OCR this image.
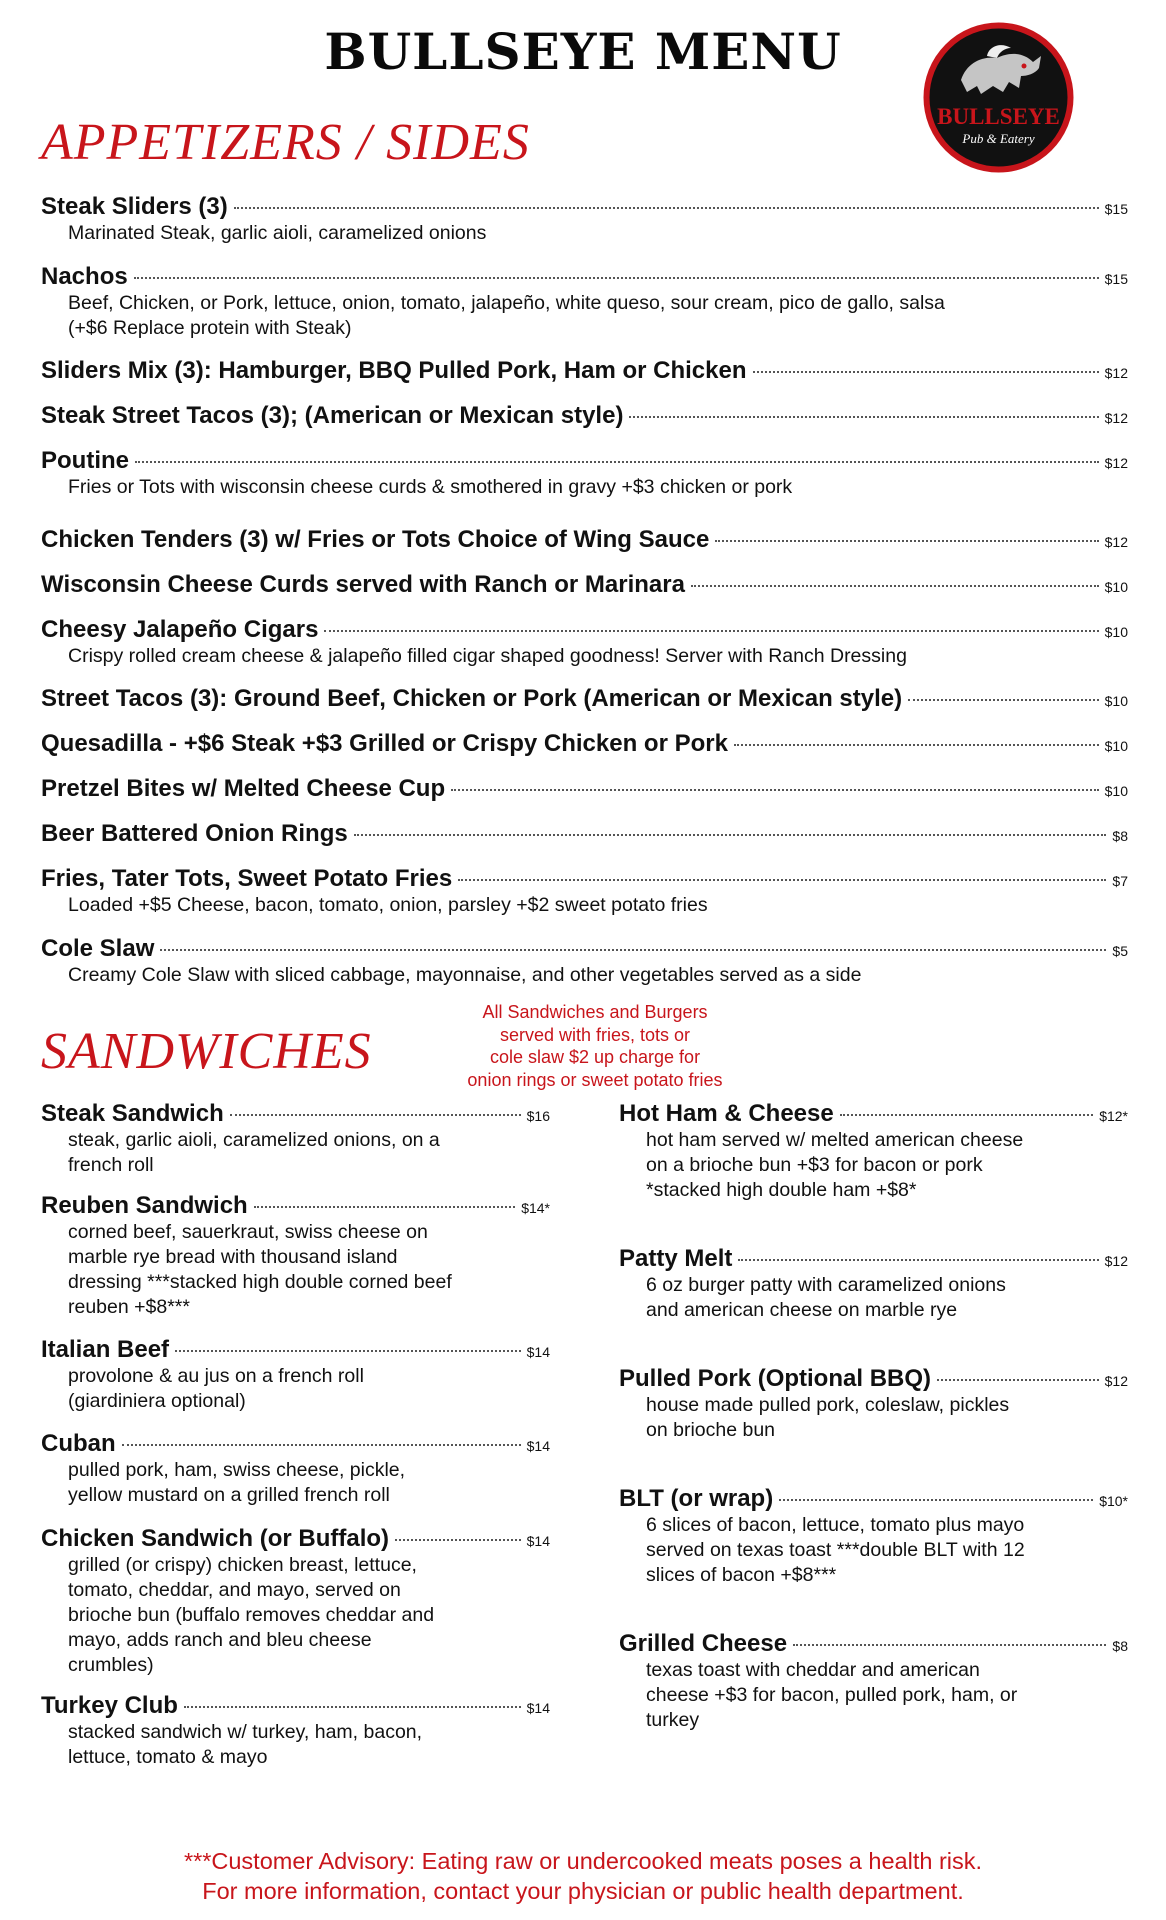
BULLSEYE MENU
BULLSEYE
Pub & Eatery
APPETIZERS / SIDES
Steak Sliders (3)	$15
Marinated Steak, garlic aioli, caramelized onions
Nachos	$15
Beef, Chicken, or Pork, lettuce, onion, tomato, jalapeño, white queso, sour cream, pico de gallo, salsa
(+$6 Replace protein with Steak)
Sliders Mix (3): Hamburger, BBQ Pulled Pork, Ham or Chicken	$12
Steak Street Tacos (3); (American or Mexican style)	$12
Poutine	$12
Fries or Tots with wisconsin cheese curds & smothered in gravy +$3 chicken or pork
Chicken Tenders (3) w/ Fries or Tots Choice of Wing Sauce	$12
Wisconsin Cheese Curds served with Ranch or Marinara	$10
Cheesy Jalapeño Cigars	$10
Crispy rolled cream cheese & jalapeño filled cigar shaped goodness! Server with Ranch Dressing
Street Tacos (3): Ground Beef, Chicken or Pork (American or Mexican style)	$10
Quesadilla - +$6 Steak +$3 Grilled or Crispy Chicken or Pork	$10
Pretzel Bites w/ Melted Cheese Cup	$10
Beer Battered Onion Rings	$8
Fries, Tater Tots, Sweet Potato Fries	$7
Loaded +$5 Cheese, bacon, tomato, onion, parsley +$2 sweet potato fries
Cole Slaw	$5
Creamy Cole Slaw with sliced cabbage, mayonnaise, and other vegetables served as a side
SANDWICHES
All Sandwiches and Burgers
served with fries, tots or
cole slaw $2 up charge for
onion rings or sweet potato fries
Steak Sandwich	$16
steak, garlic aioli, caramelized onions, on a
french roll
Reuben Sandwich	$14*
corned beef, sauerkraut, swiss cheese on
marble rye bread with thousand island
dressing ***stacked high double corned beef
reuben +$8***
Italian Beef	$14
provolone & au jus on a french roll
(giardiniera optional)
Cuban	$14
pulled pork, ham, swiss cheese, pickle,
yellow mustard on a grilled french roll
Chicken Sandwich (or Buffalo)	$14
grilled (or crispy) chicken breast, lettuce,
tomato, cheddar, and mayo, served on
brioche bun (buffalo removes cheddar and
mayo, adds ranch and bleu cheese
crumbles)
Turkey Club	$14
stacked sandwich w/ turkey, ham, bacon,
lettuce, tomato & mayo
Hot Ham & Cheese	$12*
hot ham served w/ melted american cheese
on a brioche bun +$3 for bacon or pork
*stacked high double ham +$8*
Patty Melt	$12
6 oz burger patty with caramelized onions
and american cheese on marble rye
Pulled Pork (Optional BBQ)	$12
house made pulled pork, coleslaw, pickles
on brioche bun
BLT (or wrap)	$10*
6 slices of bacon, lettuce, tomato plus mayo
served on texas toast ***double BLT with 12
slices of bacon +$8***
Grilled Cheese	$8
texas toast with cheddar and american
cheese +$3 for bacon, pulled pork, ham, or
turkey
***Customer Advisory: Eating raw or undercooked meats poses a health risk.
For more information, contact your physician or public health department.
